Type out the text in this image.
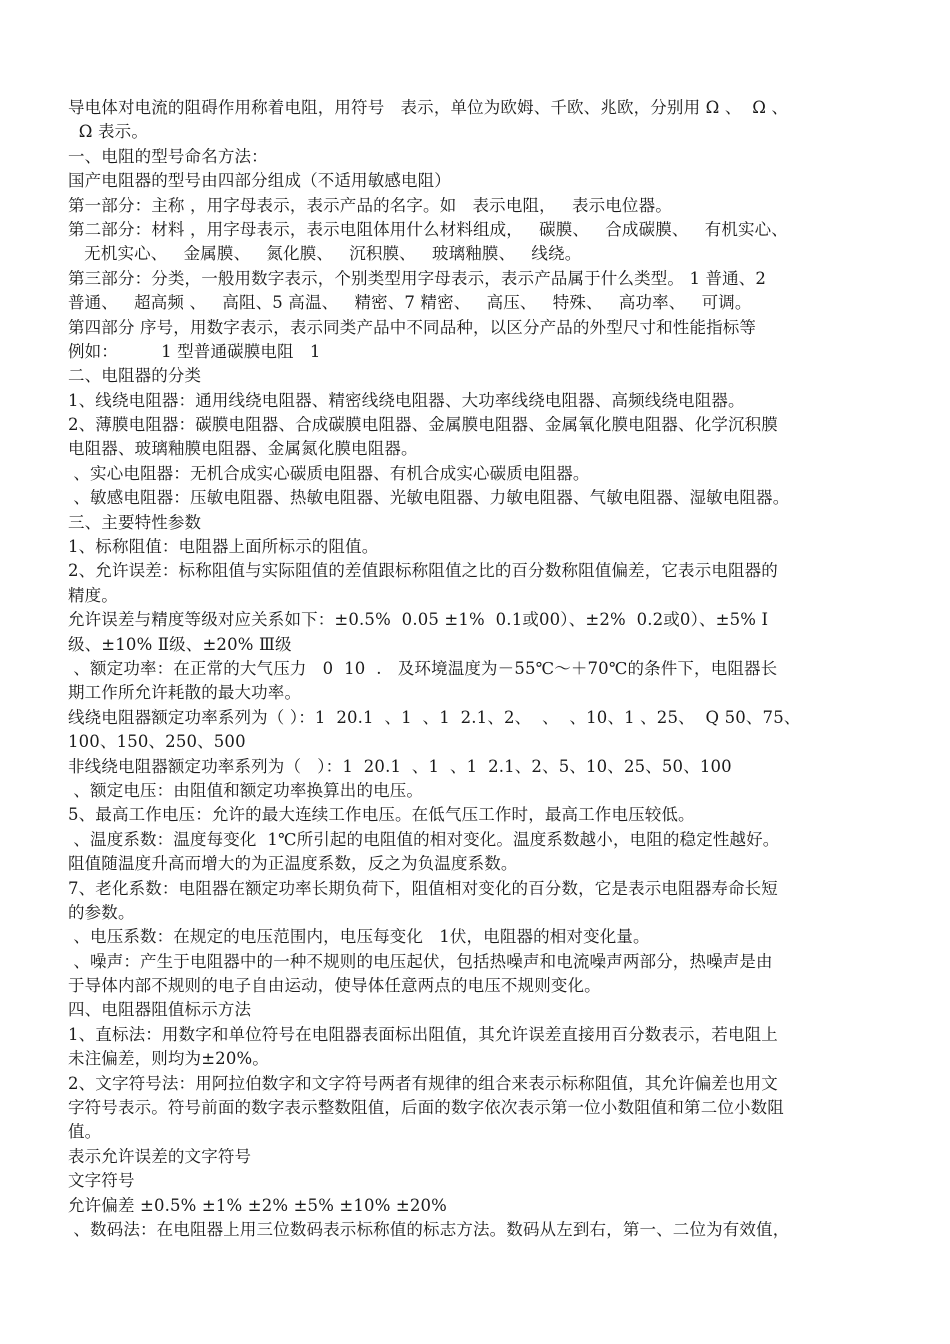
导电体对电流的阻碍作用称着电阻，用符号   表示，单位为欧姆、千欧、兆欧，分别用 Ω 、  Ω 、
Ω 表示。
一、电阻的型号命名方法：
国产电阻器的型号由四部分组成（不适用敏感电阻）
第一部分：主称 ，用字母表示，表示产品的名字。如   表示电阻，   表示电位器。
第二部分：材料 ，用字母表示，表示电阻体用什么材料组成，   碳膜、   合成碳膜、   有机实心、
无机实心、   金属膜、   氮化膜、   沉积膜、   玻璃釉膜、   线绕。
第三部分：分类，一般用数字表示，个别类型用字母表示，表示产品属于什么类型。 1 普通、2
普通、   超高频 、   高阻、5 高温、   精密、7 精密、   高压、   特殊、   高功率、   可调。
第四部分 序号，用数字表示，表示同类产品中不同品种，以区分产品的外型尺寸和性能指标等
例如：        1 型普通碳膜电阻   1
二、电阻器的分类
1、线绕电阻器：通用线绕电阻器、精密线绕电阻器、大功率线绕电阻器、高频线绕电阻器。
2、薄膜电阻器：碳膜电阻器、合成碳膜电阻器、金属膜电阻器、金属氧化膜电阻器、化学沉积膜
电阻器、玻璃釉膜电阻器、金属氮化膜电阻器。
、实心电阻器：无机合成实心碳质电阻器、有机合成实心碳质电阻器。
、敏感电阻器：压敏电阻器、热敏电阻器、光敏电阻器、力敏电阻器、气敏电阻器、湿敏电阻器。
三、主要特性参数
1、标称阻值：电阻器上面所标示的阻值。
2、允许误差：标称阻值与实际阻值的差值跟标称阻值之比的百分数称阻值偏差，它表示电阻器的
精度。
允许误差与精度等级对应关系如下：±0.5%  0.05 ±1%  0.1或00）、±2%  0.2或0）、±5% Ⅰ
级、±10% Ⅱ级、±20% Ⅲ级
、额定功率：在正常的大气压力   0  10  .   及环境温度为－55℃～＋70℃的条件下，电阻器长
期工作所允许耗散的最大功率。
线绕电阻器额定功率系列为（ ）：1  20.1  、1  、1  2.1、2、  、  、10、1 、25、  Q 50、75、
100、150、250、500
非线绕电阻器额定功率系列为（   ）：1  20.1  、1  、1  2.1、2、5、10、25、50、100
、额定电压：由阻值和额定功率换算出的电压。
5、最高工作电压：允许的最大连续工作电压。在低气压工作时，最高工作电压较低。
、温度系数：温度每变化  1℃所引起的电阻值的相对变化。温度系数越小，电阻的稳定性越好。
阻值随温度升高而增大的为正温度系数，反之为负温度系数。
7、老化系数：电阻器在额定功率长期负荷下，阻值相对变化的百分数，它是表示电阻器寿命长短
的参数。
、电压系数：在规定的电压范围内，电压每变化   1伏，电阻器的相对变化量。
、噪声：产生于电阻器中的一种不规则的电压起伏，包括热噪声和电流噪声两部分，热噪声是由
于导体内部不规则的电子自由运动，使导体任意两点的电压不规则变化。
四、电阻器阻值标示方法
1、直标法：用数字和单位符号在电阻器表面标出阻值，其允许误差直接用百分数表示，若电阻上
未注偏差，则均为±20%。
2、文字符号法：用阿拉伯数字和文字符号两者有规律的组合来表示标称阻值，其允许偏差也用文
字符号表示。符号前面的数字表示整数阻值，后面的数字依次表示第一位小数阻值和第二位小数阻
值。
表示允许误差的文字符号
文字符号
允许偏差 ±0.5% ±1% ±2% ±5% ±10% ±20%
、数码法：在电阻器上用三位数码表示标称值的标志方法。数码从左到右，第一、二位为有效值，
